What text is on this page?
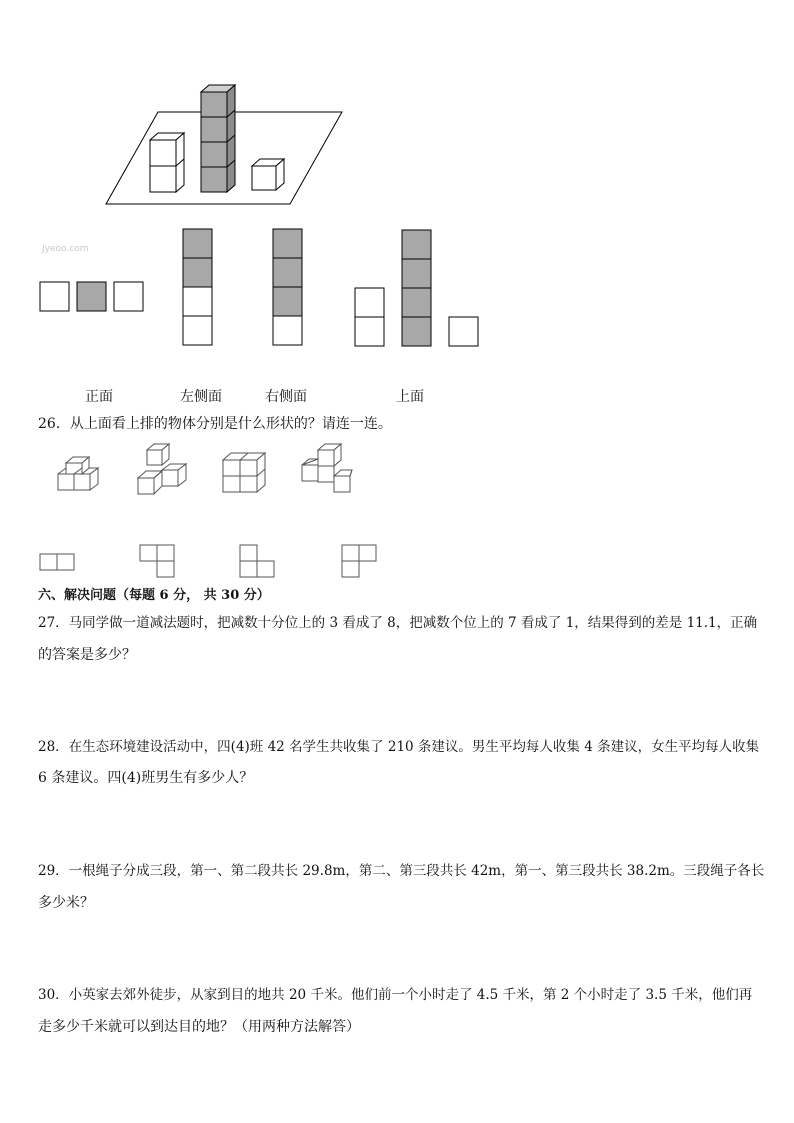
Jyeoo.com
正面	左侧面	右侧面	上面
26．从上面看上排的物体分别是什么形状的？请连一连。
六、解决问题（每题 6 分， 共 30 分）
27．马同学做一道减法题时，把减数十分位上的 3 看成了 8，把减数个位上的 7 看成了 1，结果得到的差是 11.1，正确
的答案是多少？
28．在生态环境建设活动中，四(4)班 42 名学生共收集了 210 条建议。男生平均每人收集 4 条建议，女生平均每人收集
6 条建议。四(4)班男生有多少人？
29．一根绳子分成三段，第一、第二段共长 29.8m，第二、第三段共长 42m，第一、第三段共长 38.2m。三段绳子各长
多少米？
30．小英家去郊外徒步，从家到目的地共 20 千米。他们前一个小时走了 4.5 千米，第 2 个小时走了 3.5 千米，他们再
走多少千米就可以到达目的地？（用两种方法解答）
